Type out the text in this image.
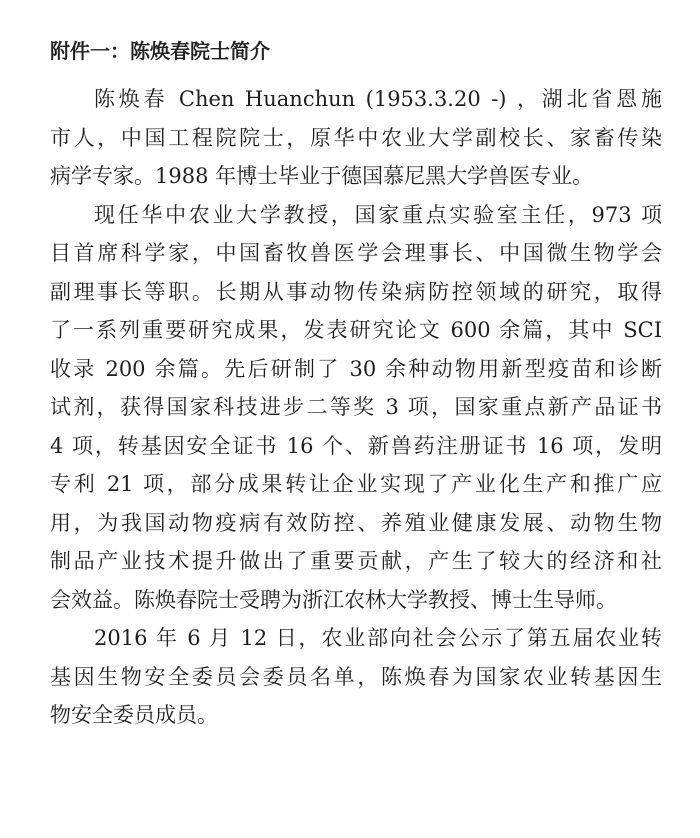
附件一：陈焕春院士简介

陈焕春 Chen Huanchun (1953.3.20 -) ，湖北省恩施
市人，中国工程院院士，原华中农业大学副校长、家畜传染
病学专家。1988 年博士毕业于德国慕尼黑大学兽医专业。

现任华中农业大学教授，国家重点实验室主任，973 项
目首席科学家，中国畜牧兽医学会理事长、中国微生物学会
副理事长等职。长期从事动物传染病防控领域的研究，取得
了一系列重要研究成果，发表研究论文 600 余篇，其中 SCI
收录 200 余篇。先后研制了 30 余种动物用新型疫苗和诊断
试剂，获得国家科技进步二等奖 3 项，国家重点新产品证书
4 项，转基因安全证书 16 个、新兽药注册证书 16 项，发明
专利 21 项，部分成果转让企业实现了产业化生产和推广应
用，为我国动物疫病有效防控、养殖业健康发展、动物生物
制品产业技术提升做出了重要贡献，产生了较大的经济和社
会效益。陈焕春院士受聘为浙江农林大学教授、博士生导师。

2016 年 6 月 12 日，农业部向社会公示了第五届农业转
基因生物安全委员会委员名单，陈焕春为国家农业转基因生
物安全委员成员。
